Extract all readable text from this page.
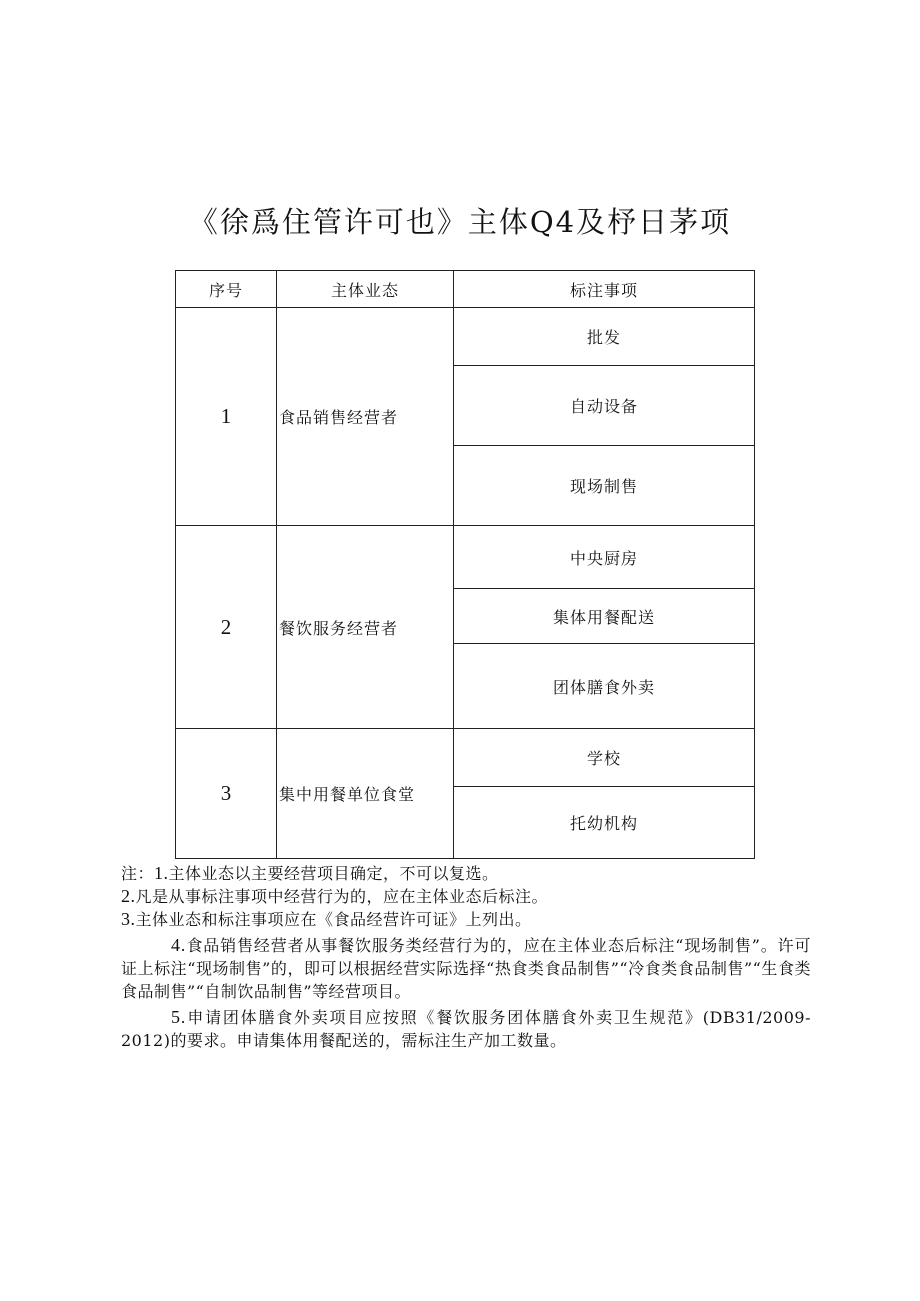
《徐爲住管许可也》主体Q4及杼日茅项
序号	主体业态	标注事项
1	食品销售经营者	批发
		自动设备
		现场制售
2	餐饮服务经营者	中央厨房
		集体用餐配送
		团体膳食外卖
3	集中用餐单位食堂	学校
		托幼机构

注：1.主体业态以主要经营项目确定，不可以复选。

2.凡是从事标注事项中经营行为的，应在主体业态后标注。

3.主体业态和标注事项应在《食品经营许可证》上列出。

4.食品销售经营者从事餐饮服务类经营行为的，应在主体业态后标注“现场制售”。许可证上标注“现场制售”的，即可以根据经营实际选择“热食类食品制售”“冷食类食品制售”“生食类食品制售”“自制饮品制售”等经营项目。

5.申请团体膳食外卖项目应按照《餐饮服务团体膳食外卖卫生规范》(DB31/2009-2012)的要求。申请集体用餐配送的，需标注生产加工数量。
